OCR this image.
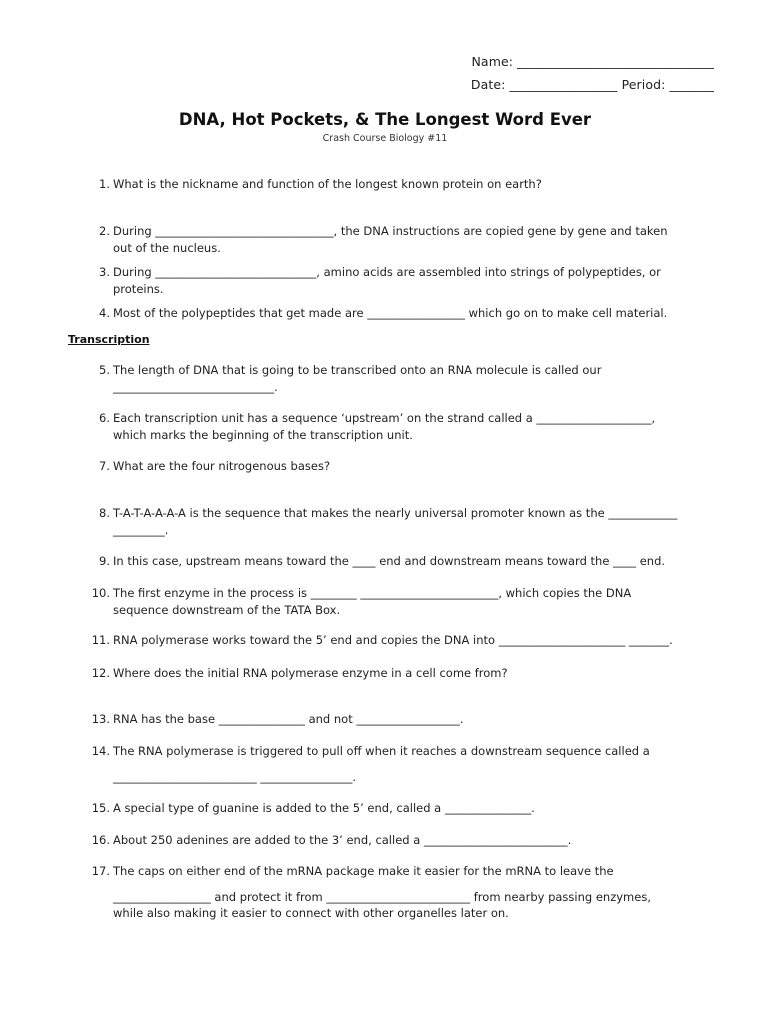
Name: _______________________________
Date: _________________ Period: _______
DNA, Hot Pockets, & The Longest Word Ever
Crash Course Biology #11
Transcription
1. What is the nickname and function of the longest known protein on earth?
2. During _______________________________, the DNA instructions are copied gene by gene and taken
out of the nucleus.
3. During ____________________________, amino acids are assembled into strings of polypeptides, or
proteins.
4. Most of the polypeptides that get made are _________________ which go on to make cell material.
5. The length of DNA that is going to be transcribed onto an RNA molecule is called our
____________________________.
6. Each transcription unit has a sequence ‘upstream’ on the strand called a ____________________,
which marks the beginning of the transcription unit.
7. What are the four nitrogenous bases?
8. T-A-T-A-A-A-A is the sequence that makes the nearly universal promoter known as the ____________
_________.
9. In this case, upstream means toward the ____ end and downstream means toward the ____ end.
10. The first enzyme in the process is ________ ________________________, which copies the DNA
sequence downstream of the TATA Box.
11. RNA polymerase works toward the 5’ end and copies the DNA into ______________________ _______.
12. Where does the initial RNA polymerase enzyme in a cell come from?
13. RNA has the base _______________ and not __________________.
14. The RNA polymerase is triggered to pull off when it reaches a downstream sequence called a
_________________________ ________________.
15. A special type of guanine is added to the 5’ end, called a _______________.
16. About 250 adenines are added to the 3’ end, called a _________________________.
17. The caps on either end of the mRNA package make it easier for the mRNA to leave the
_________________ and protect it from _________________________ from nearby passing enzymes,
while also making it easier to connect with other organelles later on.
